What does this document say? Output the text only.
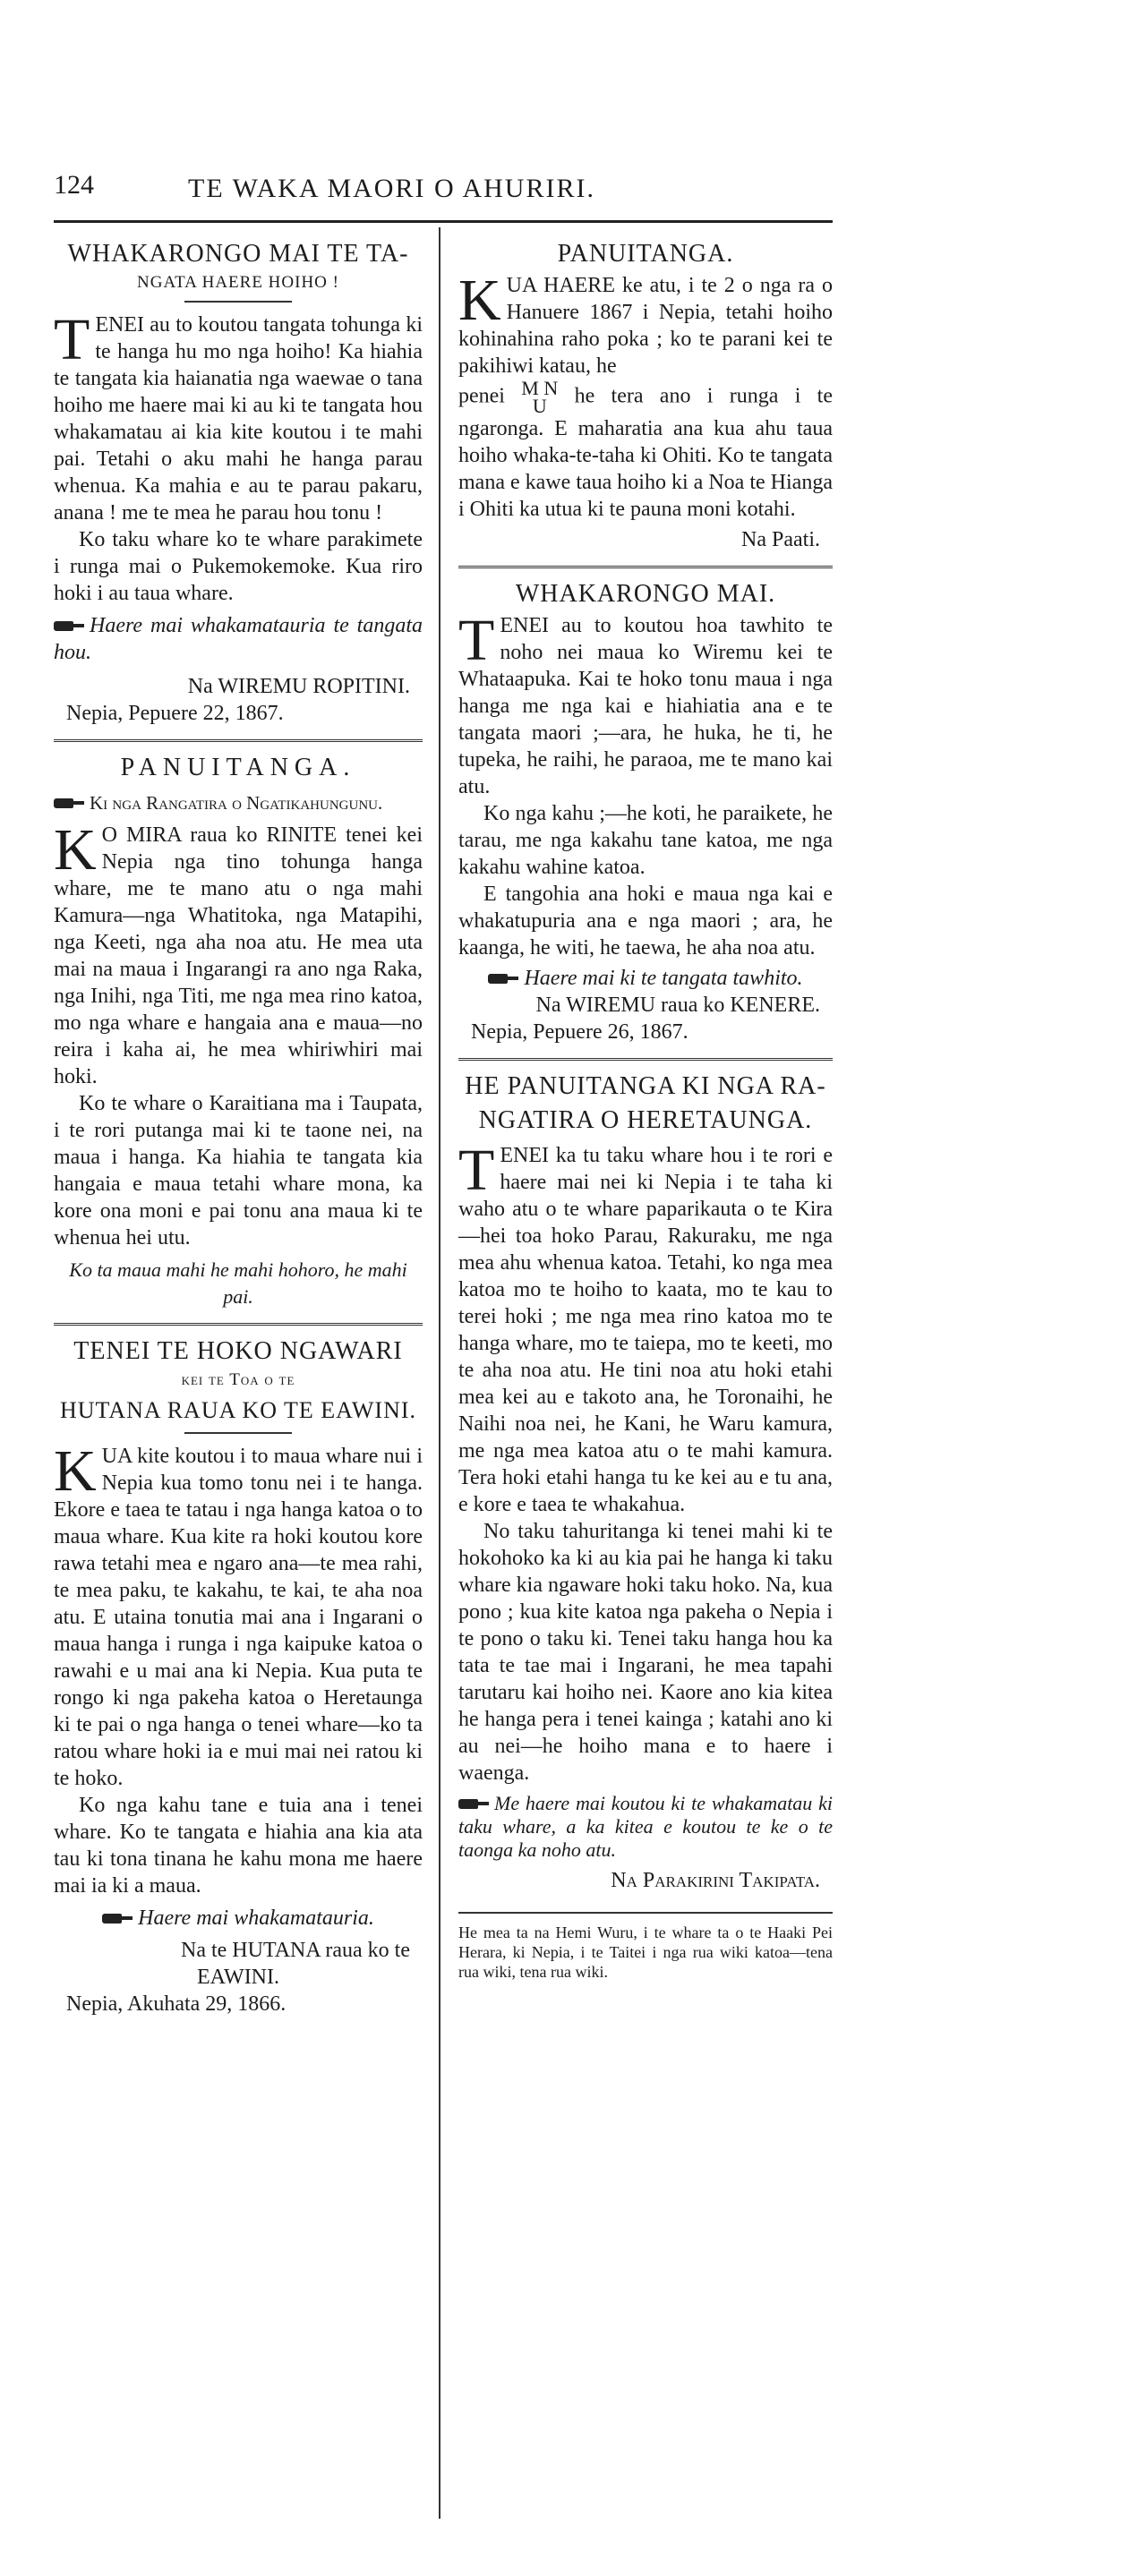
124	TE WAKA MAORI O AHURIRI.
WHAKARONGO MAI TE TA-
NGATA HAERE HOIHO !

TENEI au to koutou tangata tohunga ki te hanga hu mo nga hoiho! Ka hiahia te tangata kia haianatia nga waewae o tana hoiho me haere mai ki au ki te tangata hou whakamatau ai kia kite koutou i te mahi pai. Tetahi o aku mahi he hanga parau whenua. Ka mahia e au te parau pakaru, anana ! me te mea he parau hou tonu !

Ko taku whare ko te whare parakimete i runga mai o Pukemokemoke. Kua riro hoki i au taua whare.

Haere mai whakamatauria te tangata hou.

Na WIREMU ROPITINI.

Nepia, Pepuere 22, 1867.

PANUITANGA.

Ki nga Rangatira o Ngatikahungunu.

K O MIRA raua ko RINITE tenei kei Nepia nga tino tohunga hanga whare, me te mano atu o nga mahi Kamura—nga Whatitoka, nga Matapihi, nga Keeti, nga aha noa atu. He mea uta mai na maua i Ingarangi ra ano nga Raka, nga Inihi, nga Titi, me nga mea rino katoa, mo nga whare e hangaia ana e maua—no reira i kaha ai, he mea whiriwhiri mai hoki.

Ko te whare o Karaitiana ma i Taupata, i te rori putanga mai ki te taone nei, na maua i hanga. Ka hiahia te tangata kia hangaia e maua tetahi whare mona, ka kore ona moni e pai tonu ana maua ki te whenua hei utu.

Ko ta maua mahi he mahi hohoro, he mahi pai.

TENEI TE HOKO NGAWARI
kei te Toa o te
HUTANA RAUA KO TE EAWINI.

KUA kite koutou i to maua whare nui i Nepia kua tomo tonu nei i te hanga. Ekore e taea te tatau i nga hanga katoa o to maua whare. Kua kite ra hoki koutou kore rawa tetahi mea e ngaro ana—te mea rahi, te mea paku, te kakahu, te kai, te aha noa atu. E utaina tonutia mai ana i Ingarani o maua hanga i runga i nga kaipuke katoa o rawahi e u mai ana ki Nepia. Kua puta te rongo ki nga pakeha katoa o Heretaunga ki te pai o nga hanga o tenei whare—ko ta ratou whare hoki ia e mui mai nei ratou ki te hoko.

Ko nga kahu tane e tuia ana i tenei whare. Ko te tangata e hiahia ana kia ata tau ki tona tinana he kahu mona me haere mai ia ki a maua.

Haere mai whakamatauria.

Na te HUTANA raua ko te

EAWINI.

Nepia, Akuhata 29, 1866.

PANUITANGA.

KUA HAERE ke atu, i te 2 o nga ra o Hanuere 1867 i Nepia, tetahi hoiho kohinahina raho poka ; ko te parani kei te pakihiwi katau, he

penei M N
U	he tera ano i runga i te ngarongа. E maharatia ana kua ahu taua hoiho whaka-te-taha ki Ohiti. Ko te tangata mana e kawe taua hoiho ki a Noa te Hianga i Ohiti ka utua ki te pauna moni kotahi.

Na Paati.

WHAKARONGO MAI.

TENEI au to koutou hoa tawhito te noho nei maua ko Wiremu kei te Whataapuka. Kai te hoko tonu maua i nga hanga me nga kai e hiahiatia ana e te tangata maori ;—ara, he huka, he ti, he tupeka, he raihi, he paraoa, me te mano kai atu.

Ko nga kahu ;—he koti, he paraikete, he tarau, me nga kakahu tane katoa, me nga kakahu wahine katoa.

E tangohia ana hoki e maua nga kai e whakatupuria ana e nga maori ; ara, he kaanga, he witi, he taewa, he aha noa atu.

Haere mai ki te tangata tawhito.

Na WIREMU raua ko KENERE.

Nepia, Pepuere 26, 1867.

HE PANUITANGA KI NGA RA-
NGATIRA O HERETAUNGA.

TENEI ka tu taku whare hou i te rori e haere mai nei ki Nepia i te taha ki waho atu o te whare paparikauta o te Kira—hei toa hoko Parau, Rakuraku, me nga mea ahu whenua katoa. Tetahi, ko nga mea katoa mo te hoiho to kaata, mo te kau to terei hoki ; me nga mea rino katoa mo te hanga whare, mo te taiepa, mo te keeti, mo te aha noa atu. He tini noa atu hoki etahi mea kei au e takoto ana, he Toronaihi, he Naihi noa nei, he Kani, he Waru kamura, me nga mea katoa atu o te mahi kamura. Tera hoki etahi hanga tu ke kei au e tu ana, e kore e taea te whakahua.

No taku tahuritanga ki tenei mahi ki te hokohoko ka ki au kia pai he hanga ki taku whare kia ngaware hoki taku hoko. Na, kua pono ; kua kite katoa nga pakeha o Nepia i te pono o taku ki. Tenei taku hanga hou ka tata te tae mai i Ingarani, he mea tapahi tarutaru kai hoiho nei. Kaore ano kia kitea he hanga pera i tenei kainga ; katahi ano ki au nei—he hoiho mana e to haere i waenga.

Me haere mai koutou ki te whakamatau ki taku whare, a ka kitea e koutou te ke o te taonga ka noho atu.

Na Parakirini Takipata.

He mea ta na Hemi Wuru, i te whare ta o te Haaki Pei Herara, ki Nepia, i te Taitei i nga rua wiki katoa—tena rua wiki, tena rua wiki.
